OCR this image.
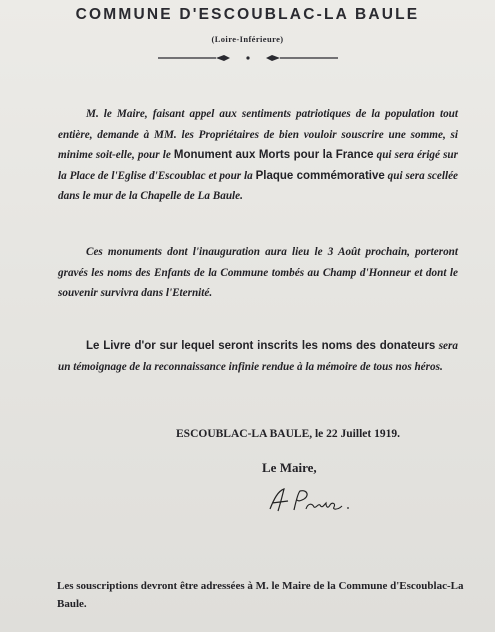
COMMUNE D'ESCOUBLAC-LA BAULE
(Loire-Inférieure)
M. le Maire, faisant appel aux sentiments patriotiques de la population tout entière, demande à MM. les Propriétaires de bien vouloir souscrire une somme, si minime soit-elle, pour le Monument aux Morts pour la France qui sera érigé sur la Place de l'Eglise d'Escoublac et pour la Plaque commémorative qui sera scellée dans le mur de la Chapelle de La Baule.
Ces monuments dont l'inauguration aura lieu le 3 Août prochain, porteront gravés les noms des Enfants de la Commune tombés au Champ d'Honneur et dont le souvenir survivra dans l'Eternité.
Le Livre d'or sur lequel seront inscrits les noms des donateurs sera un témoignage de la reconnaissance infinie rendue à la mémoire de tous nos héros.
ESCOUBLAC-LA BAULE, le 22 Juillet 1919.
Le Maire,
Les souscriptions devront être adressées à M. le Maire de la Commune d'Escoublac-La Baule.
